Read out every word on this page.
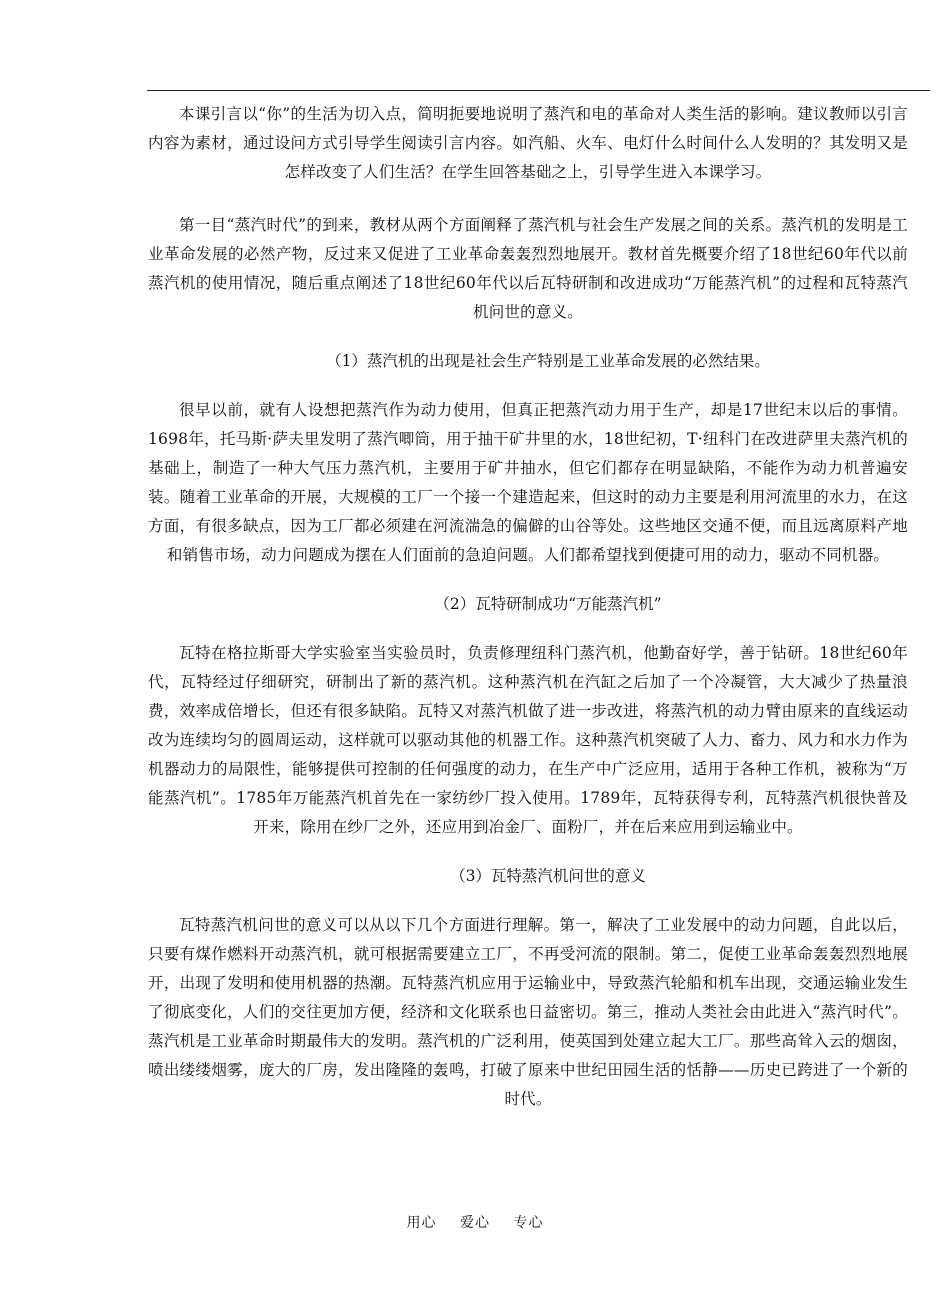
本课引言以“你”的生活为切入点，简明扼要地说明了蒸汽和电的革命对人类生活的影响。建议教师以引言内容为素材，通过设问方式引导学生阅读引言内容。如汽船、火车、电灯什么时间什么人发明的？其发明又是怎样改变了人们生活？在学生回答基础之上，引导学生进入本课学习。

第一目“蒸汽时代”的到来，教材从两个方面阐释了蒸汽机与社会生产发展之间的关系。蒸汽机的发明是工业革命发展的必然产物，反过来又促进了工业革命轰轰烈烈地展开。教材首先概要介绍了18世纪60年代以前蒸汽机的使用情况，随后重点阐述了18世纪60年代以后瓦特研制和改进成功“万能蒸汽机”的过程和瓦特蒸汽机问世的意义。

（1）蒸汽机的出现是社会生产特别是工业革命发展的必然结果。

很早以前，就有人设想把蒸汽作为动力使用，但真正把蒸汽动力用于生产，却是17世纪末以后的事情。1698年，托马斯·萨夫里发明了蒸汽唧筒，用于抽干矿井里的水，18世纪初，T·纽科门在改进萨里夫蒸汽机的基础上，制造了一种大气压力蒸汽机，主要用于矿井抽水，但它们都存在明显缺陷，不能作为动力机普遍安装。随着工业革命的开展，大规模的工厂一个接一个建造起来，但这时的动力主要是利用河流里的水力，在这方面，有很多缺点，因为工厂都必须建在河流湍急的偏僻的山谷等处。这些地区交通不便，而且远离原料产地和销售市场，动力问题成为摆在人们面前的急迫问题。人们都希望找到便捷可用的动力，驱动不同机器。

（2）瓦特研制成功“万能蒸汽机”

瓦特在格拉斯哥大学实验室当实验员时，负责修理纽科门蒸汽机，他勤奋好学，善于钻研。18世纪60年代，瓦特经过仔细研究，研制出了新的蒸汽机。这种蒸汽机在汽缸之后加了一个冷凝管，大大减少了热量浪费，效率成倍增长，但还有很多缺陷。瓦特又对蒸汽机做了进一步改进，将蒸汽机的动力臂由原来的直线运动改为连续均匀的圆周运动，这样就可以驱动其他的机器工作。这种蒸汽机突破了人力、畜力、风力和水力作为机器动力的局限性，能够提供可控制的任何强度的动力，在生产中广泛应用，适用于各种工作机，被称为“万能蒸汽机”。1785年万能蒸汽机首先在一家纺纱厂投入使用。1789年，瓦特获得专利，瓦特蒸汽机很快普及开来，除用在纱厂之外，还应用到冶金厂、面粉厂，并在后来应用到运输业中。

（3）瓦特蒸汽机问世的意义

瓦特蒸汽机问世的意义可以从以下几个方面进行理解。第一，解决了工业发展中的动力问题，自此以后，只要有煤作燃料开动蒸汽机，就可根据需要建立工厂，不再受河流的限制。第二，促使工业革命轰轰烈烈地展开，出现了发明和使用机器的热潮。瓦特蒸汽机应用于运输业中，导致蒸汽轮船和机车出现，交通运输业发生了彻底变化，人们的交往更加方便，经济和文化联系也日益密切。第三，推动人类社会由此进入“蒸汽时代”。蒸汽机是工业革命时期最伟大的发明。蒸汽机的广泛利用，使英国到处建立起大工厂。那些高耸入云的烟囱，喷出缕缕烟雾，庞大的厂房，发出隆隆的轰鸣，打破了原来中世纪田园生活的恬静——历史已跨进了一个新的时代。

用心 爱心 专心
